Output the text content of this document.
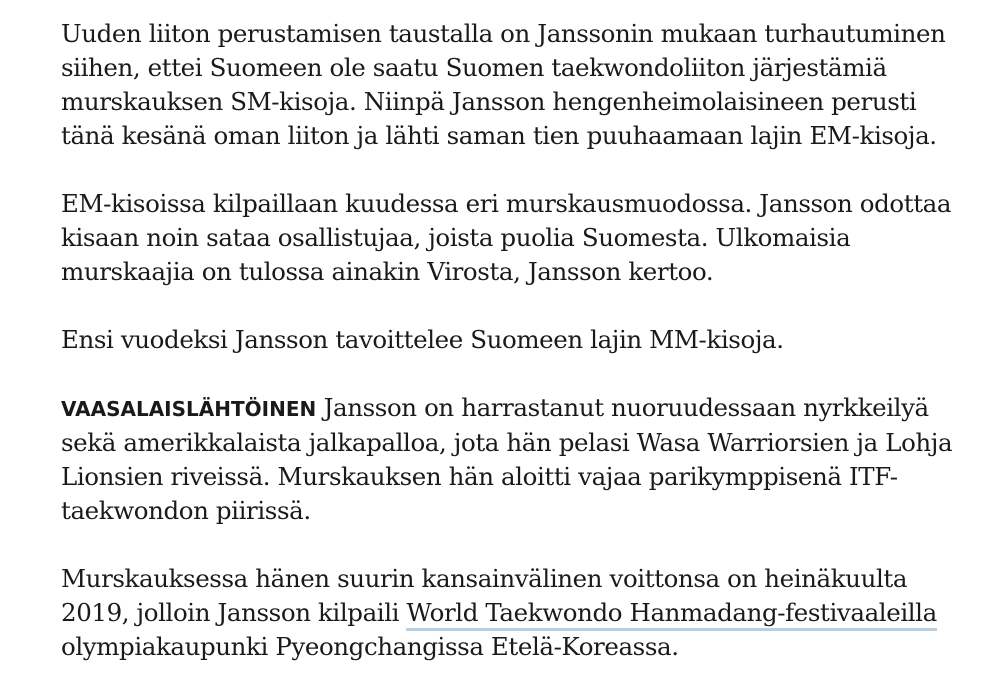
Uuden liiton perustamisen taustalla on Janssonin mukaan turhautuminen siihen, ettei Suomeen ole saatu Suomen taekwondoliiton järjestämiä murskauksen SM-kisoja. Niinpä Jansson hengenheimolaisineen perusti tänä kesänä oman liiton ja lähti saman tien puuhaamaan lajin EM-kisoja.

EM-kisoissa kilpaillaan kuudessa eri murskausmuodossa. Jansson odottaa kisaan noin sataa osallistujaa, joista puolia Suomesta. Ulkomaisia murskaajia on tulossa ainakin Virosta, Jansson kertoo.

Ensi vuodeksi Jansson tavoittelee Suomeen lajin MM-kisoja.

VAASALAISLÄHTÖINEN Jansson on harrastanut nuoruudessaan nyrkkeilyä sekä amerikkalaista jalkapalloa, jota hän pelasi Wasa Warriorsien ja Lohja Lionsien riveissä. Murskauksen hän aloitti vajaa parikymppisenä ITF-taekwondon piirissä.

Murskauksessa hänen suurin kansainvälinen voittonsa on heinäkuulta 2019, jolloin Jansson kilpaili World Taekwondo Hanmadang-festivaaleilla olympiakaupunki Pyeongchangissa Etelä-Koreassa.
